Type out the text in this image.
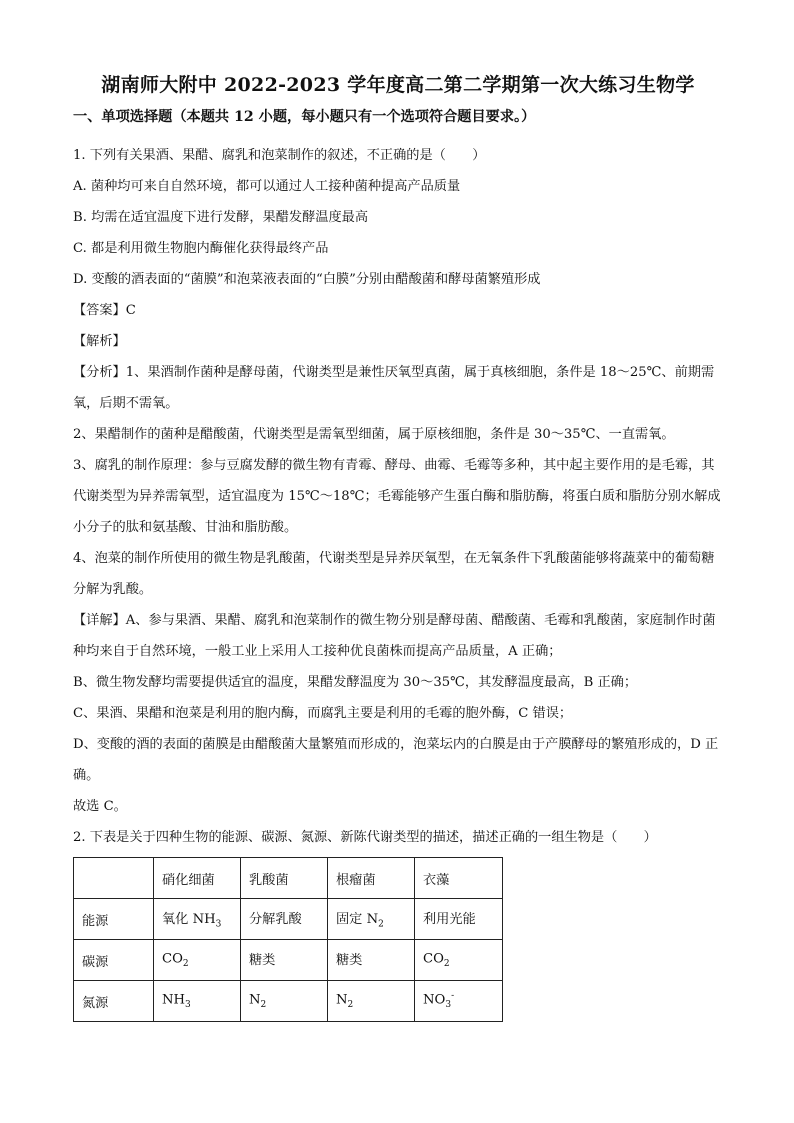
湖南师大附中 2022-2023 学年度高二第二学期第一次大练习生物学
一、单项选择题（本题共 12 小题，每小题只有一个选项符合题目要求。）

1. 下列有关果酒、果醋、腐乳和泡菜制作的叙述，不正确的是（　　）

A. 菌种均可来自自然环境，都可以通过人工接种菌种提高产品质量

B. 均需在适宜温度下进行发酵，果醋发酵温度最高

C. 都是利用微生物胞内酶催化获得最终产品

D. 变酸的酒表面的“菌膜”和泡菜液表面的“白膜”分别由醋酸菌和酵母菌繁殖形成

【答案】C

【解析】

【分析】1、果酒制作菌种是酵母菌，代谢类型是兼性厌氧型真菌，属于真核细胞，条件是 18～25℃、前期需氧，后期不需氧。

2、果醋制作的菌种是醋酸菌，代谢类型是需氧型细菌，属于原核细胞，条件是 30～35℃、一直需氧。

3、腐乳的制作原理：参与豆腐发酵的微生物有青霉、酵母、曲霉、毛霉等多种，其中起主要作用的是毛霉，其代谢类型为异养需氧型，适宜温度为 15℃～18℃；毛霉能够产生蛋白酶和脂肪酶，将蛋白质和脂肪分别水解成小分子的肽和氨基酸、甘油和脂肪酸。

4、泡菜的制作所使用的微生物是乳酸菌，代谢类型是异养厌氧型，在无氧条件下乳酸菌能够将蔬菜中的葡萄糖分解为乳酸。

【详解】A、参与果酒、果醋、腐乳和泡菜制作的微生物分别是酵母菌、醋酸菌、毛霉和乳酸菌，家庭制作时菌种均来自于自然环境，一般工业上采用人工接种优良菌株而提高产品质量，A 正确；

B、微生物发酵均需要提供适宜的温度，果醋发酵温度为 30～35℃，其发酵温度最高，B 正确；

C、果酒、果醋和泡菜是利用的胞内酶，而腐乳主要是利用的毛霉的胞外酶，C 错误；

D、变酸的酒的表面的菌膜是由醋酸菌大量繁殖而形成的，泡菜坛内的白膜是由于产膜酵母的繁殖形成的，D 正确。

故选 C。

2. 下表是关于四种生物的能源、碳源、氮源、新陈代谢类型的描述，描述正确的一组生物是（　　）

	硝化细菌	乳酸菌	根瘤菌	衣藻
能源	氧化 $NH_3$	分解乳酸	固定 $N_2$	利用光能
碳源	$CO_2$	糖类	糖类	$CO_2$
氮源	$NH_3$	$N_2$	$N_2$	$NO_3^-$
